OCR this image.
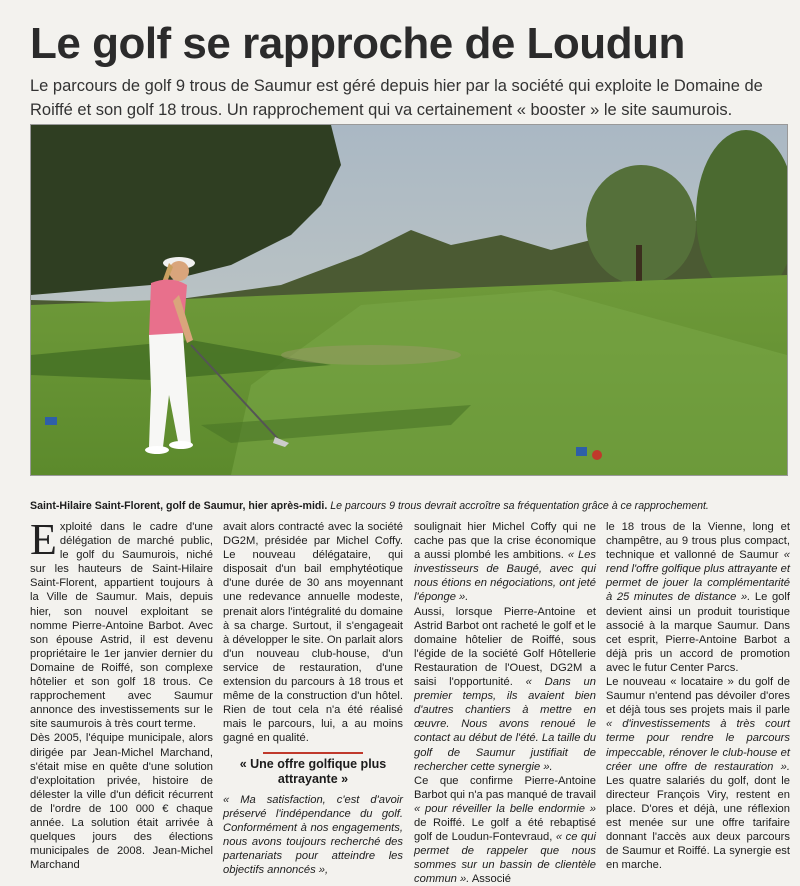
Le golf se rapproche de Loudun
Le parcours de golf 9 trous de Saumur est géré depuis hier par la société qui exploite le Domaine de Roiffé et son golf 18 trous. Un rapprochement qui va certainement « booster » le site saumurois.
Saint-Hilaire Saint-Florent, golf de Saumur, hier après-midi. Le parcours 9 trous devrait accroître sa fréquentation grâce à ce rapprochement.
E xploité dans le cadre d'une délégation de marché public, le golf du Saumurois, niché sur les hauteurs de Saint-Hilaire Saint-Florent, appartient toujours à la Ville de Saumur. Mais, depuis hier, son nouvel exploitant se nomme Pierre-Antoine Barbot. Avec son épouse Astrid, il est devenu propriétaire le 1er janvier dernier du Domaine de Roiffé, son complexe hôtelier et son golf 18 trous. Ce rapprochement avec Saumur annonce des investissements sur le site saumurois à très court terme.

Dès 2005, l'équipe municipale, alors dirigée par Jean-Michel Marchand, s'était mise en quête d'une solution d'exploitation privée, histoire de délester la ville d'un déficit récurrent de l'ordre de 100 000 € chaque année. La solution était arrivée à quelques jours des élections municipales de 2008. Jean-Michel Marchand

avait alors contracté avec la société DG2M, présidée par Michel Coffy. Le nouveau délégataire, qui disposait d'un bail emphytéotique d'une durée de 30 ans moyennant une redevance annuelle modeste, prenait alors l'intégralité du domaine à sa charge. Surtout, il s'engageait à développer le site. On parlait alors d'un nouveau club-house, d'un service de restauration, d'une extension du parcours à 18 trous et même de la construction d'un hôtel. Rien de tout cela n'a été réalisé mais le parcours, lui, a au moins gagné en qualité.

« Une offre golfique plus attrayante »

« Ma satisfaction, c'est d'avoir préservé l'indépendance du golf. Conformément à nos engagements, nous avons toujours recherché des partenariats pour atteindre les objectifs annoncés »,

soulignait hier Michel Coffy qui ne cache pas que la crise économique a aussi plombé les ambitions. « Les investisseurs de Baugé, avec qui nous étions en négociations, ont jeté l'éponge ».

Aussi, lorsque Pierre-Antoine et Astrid Barbot ont racheté le golf et le domaine hôtelier de Roiffé, sous l'égide de la société Golf Hôtellerie Restauration de l'Ouest, DG2M a saisi l'opportunité. « Dans un premier temps, ils avaient bien d'autres chantiers à mettre en œuvre. Nous avons renoué le contact au début de l'été. La taille du golf de Saumur justifiait de rechercher cette synergie ».

Ce que confirme Pierre-Antoine Barbot qui n'a pas manqué de travail « pour réveiller la belle endormie » de Roiffé. Le golf a été rebaptisé golf de Loudun-Fontevraud, « ce qui permet de rappeler que nous sommes sur un bassin de clientèle commun ». Associé

le 18 trous de la Vienne, long et champêtre, au 9 trous plus compact, technique et vallonné de Saumur « rend l'offre golfique plus attrayante et permet de jouer la complémentarité à 25 minutes de distance ». Le golf devient ainsi un produit touristique associé à la marque Saumur. Dans cet esprit, Pierre-Antoine Barbot a déjà pris un accord de promotion avec le futur Center Parcs.

Le nouveau « locataire » du golf de Saumur n'entend pas dévoiler d'ores et déjà tous ses projets mais il parle « d'investissements à très court terme pour rendre le parcours impeccable, rénover le club-house et créer une offre de restauration ». Les quatre salariés du golf, dont le directeur François Viry, restent en place. D'ores et déjà, une réflexion est menée sur une offre tarifaire donnant l'accès aux deux parcours de Saumur et Roiffé. La synergie est en marche.
